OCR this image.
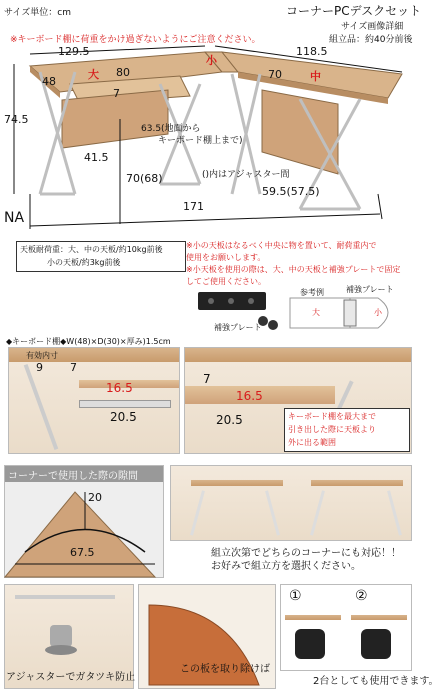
サイズ単位：cm	コーナーPCデスクセット
サイズ画像詳細
組立品：約40分前後
※キーボード棚に荷重をかけ過ぎないようにご注意ください。
大
小
中
129.5	118.5
48
80	70
7
74.5
63.5(地面から
キーボード棚上まで)
41.5
70(68)	()内はアジャスター間
59.5(57.5)
171
NA
天板耐荷重：大、中の天板/約10kg前後
小の天板/約3kg前後
※小の天板はなるべく中央に物を置いて、耐荷重内で
使用をお願いします。
※小天板を使用の際は、大、中の天板と補強プレートで固定
してご使用ください。
補強プレート
参考例	補強プレート
大	小
◆キーボード棚◆W(48)×D(30)×厚み)1.5cm
有効内寸
9 7
16.5
20.5
7
16.5
20.5	キーボード棚を最大まで
引き出した際に天板より
外に出る範囲
コーナーで使用した際の隙間
20
67.5	組立次第でどちらのコーナーにも対応！！
お好みで組立方を選択ください。
アジャスターでガタツキ防止
この板を取り除けば
①	②
2台としても使用できます。
